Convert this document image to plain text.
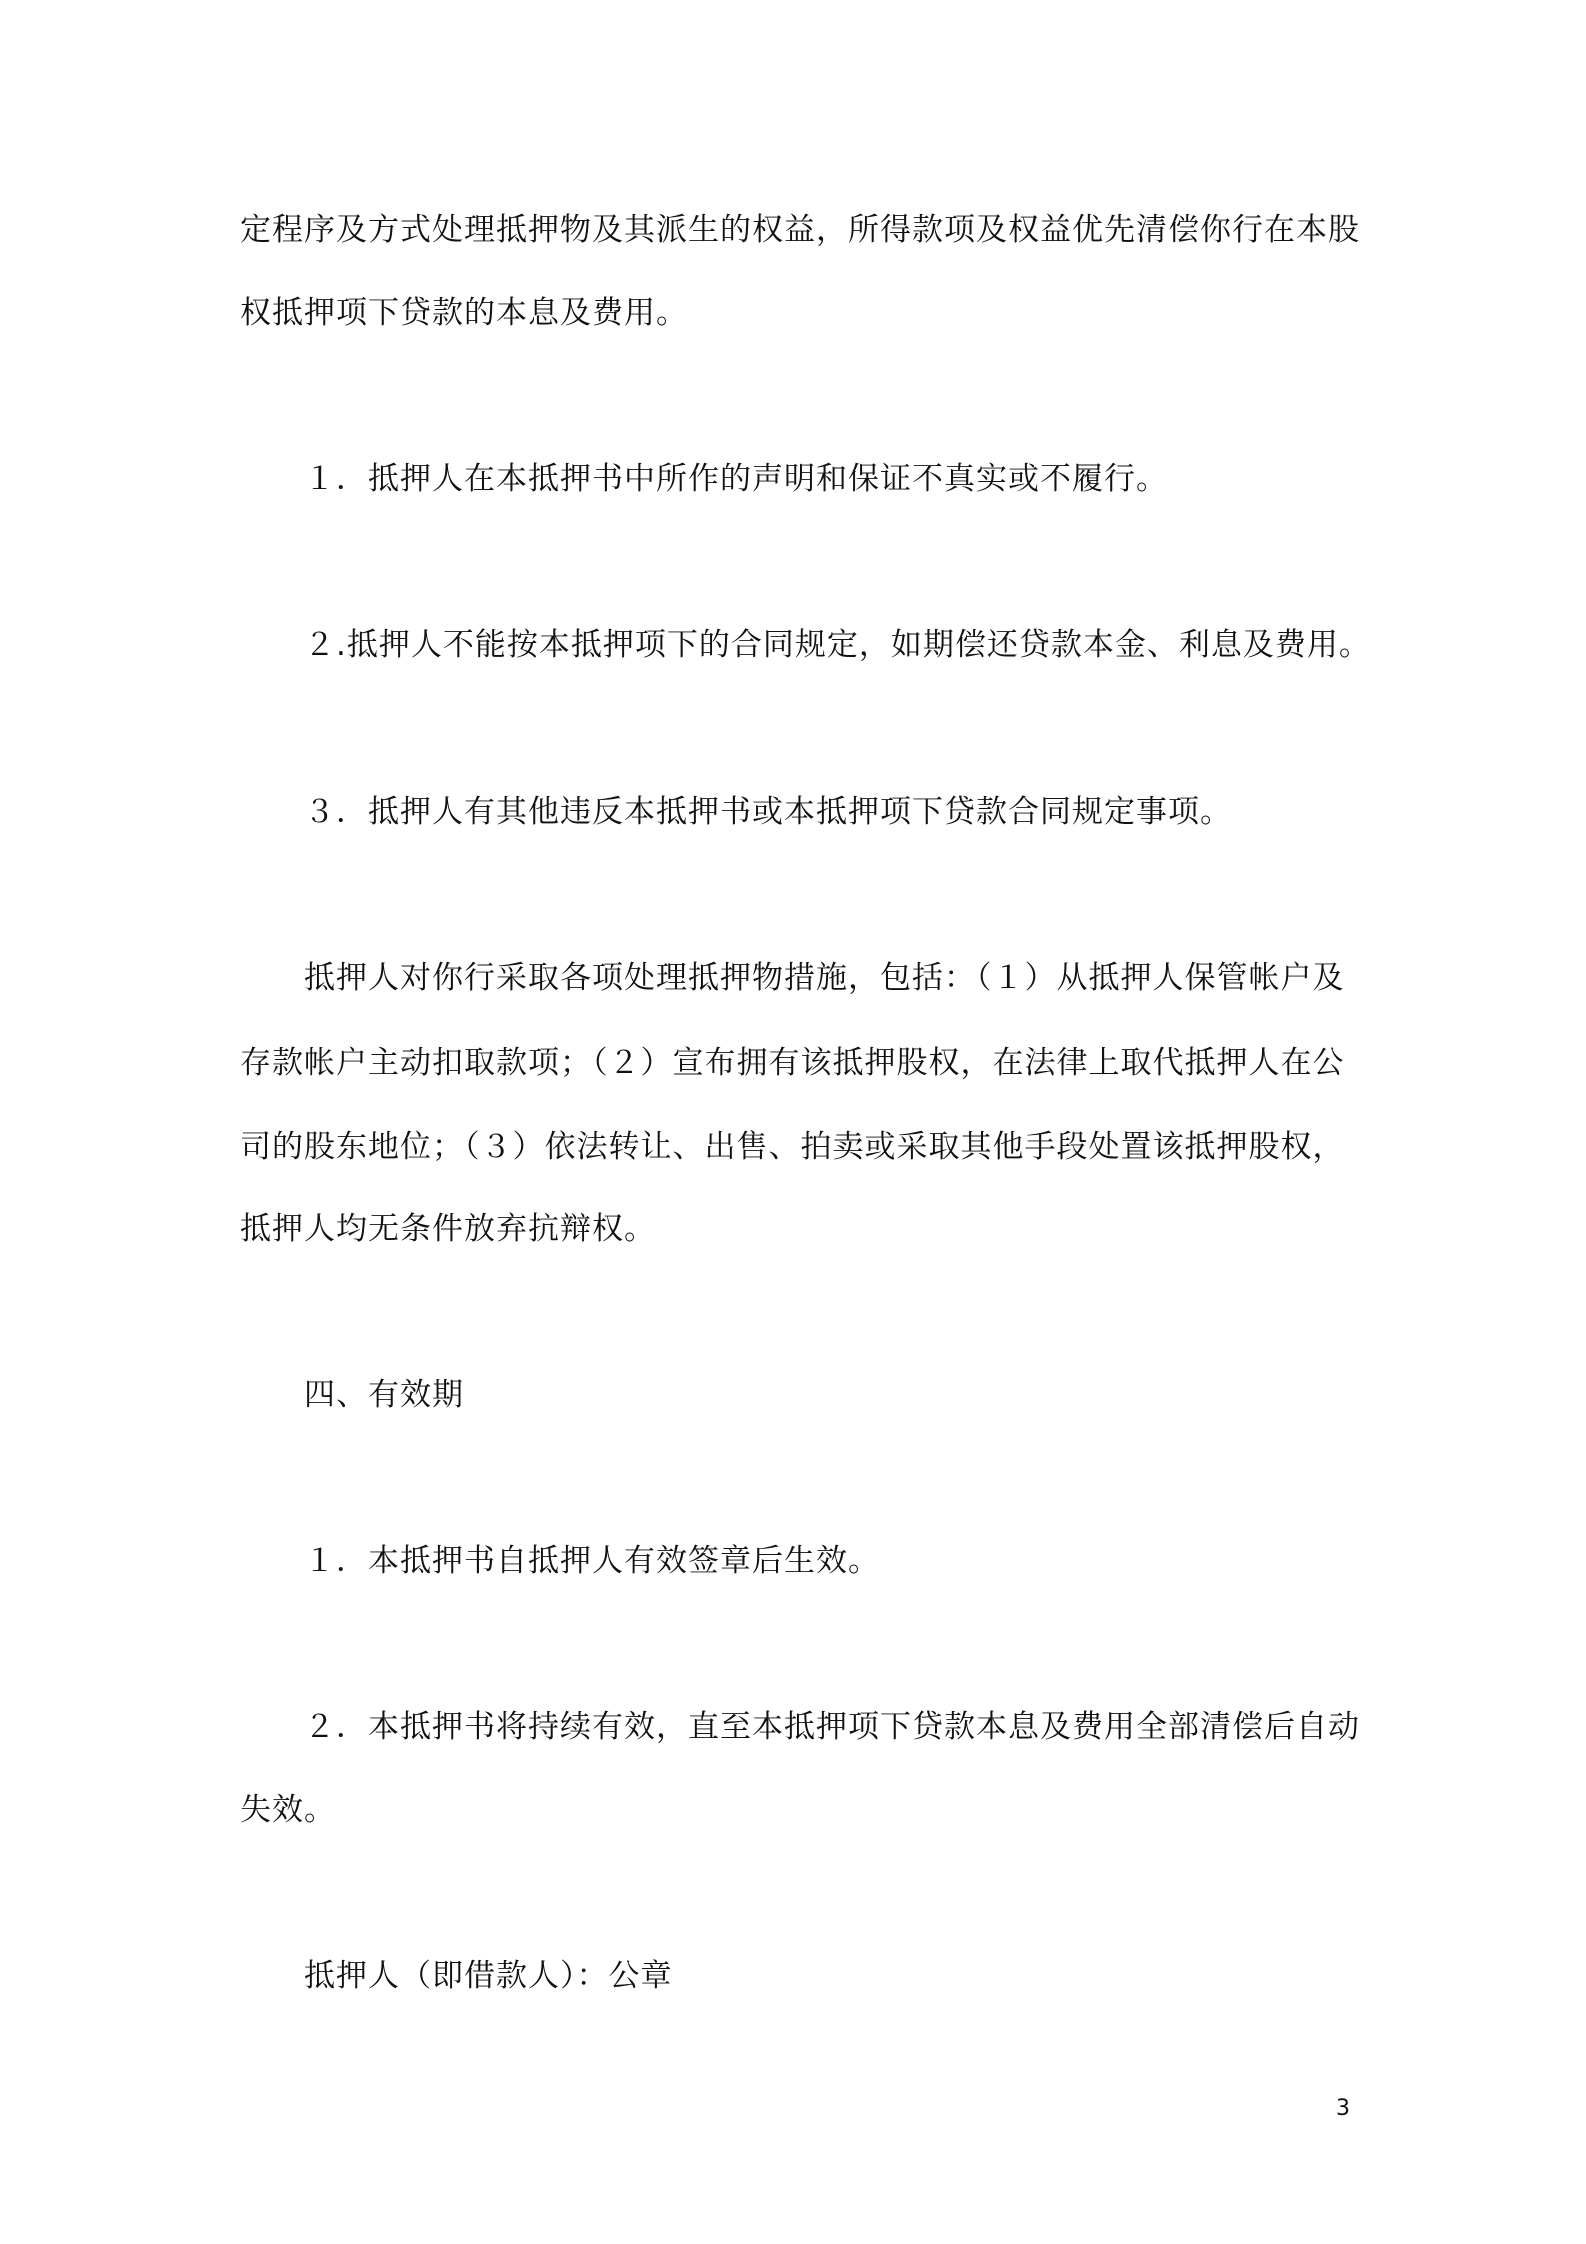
定程序及方式处理抵押物及其派生的权益，所得款项及权益优先清偿你行在本股
权抵押项下贷款的本息及费用。
１．抵押人在本抵押书中所作的声明和保证不真实或不履行。
２.抵押人不能按本抵押项下的合同规定，如期偿还贷款本金、利息及费用。
３．抵押人有其他违反本抵押书或本抵押项下贷款合同规定事项。
抵押人对你行采取各项处理抵押物措施，包括：（１）从抵押人保管帐户及
存款帐户主动扣取款项；（２）宣布拥有该抵押股权，在法律上取代抵押人在公
司的股东地位；（３）依法转让、出售、拍卖或采取其他手段处置该抵押股权，
抵押人均无条件放弃抗辩权。
四、有效期
１．本抵押书自抵押人有效签章后生效。
２．本抵押书将持续有效，直至本抵押项下贷款本息及费用全部清偿后自动
失效。
抵押人（即借款人）：公章
3
